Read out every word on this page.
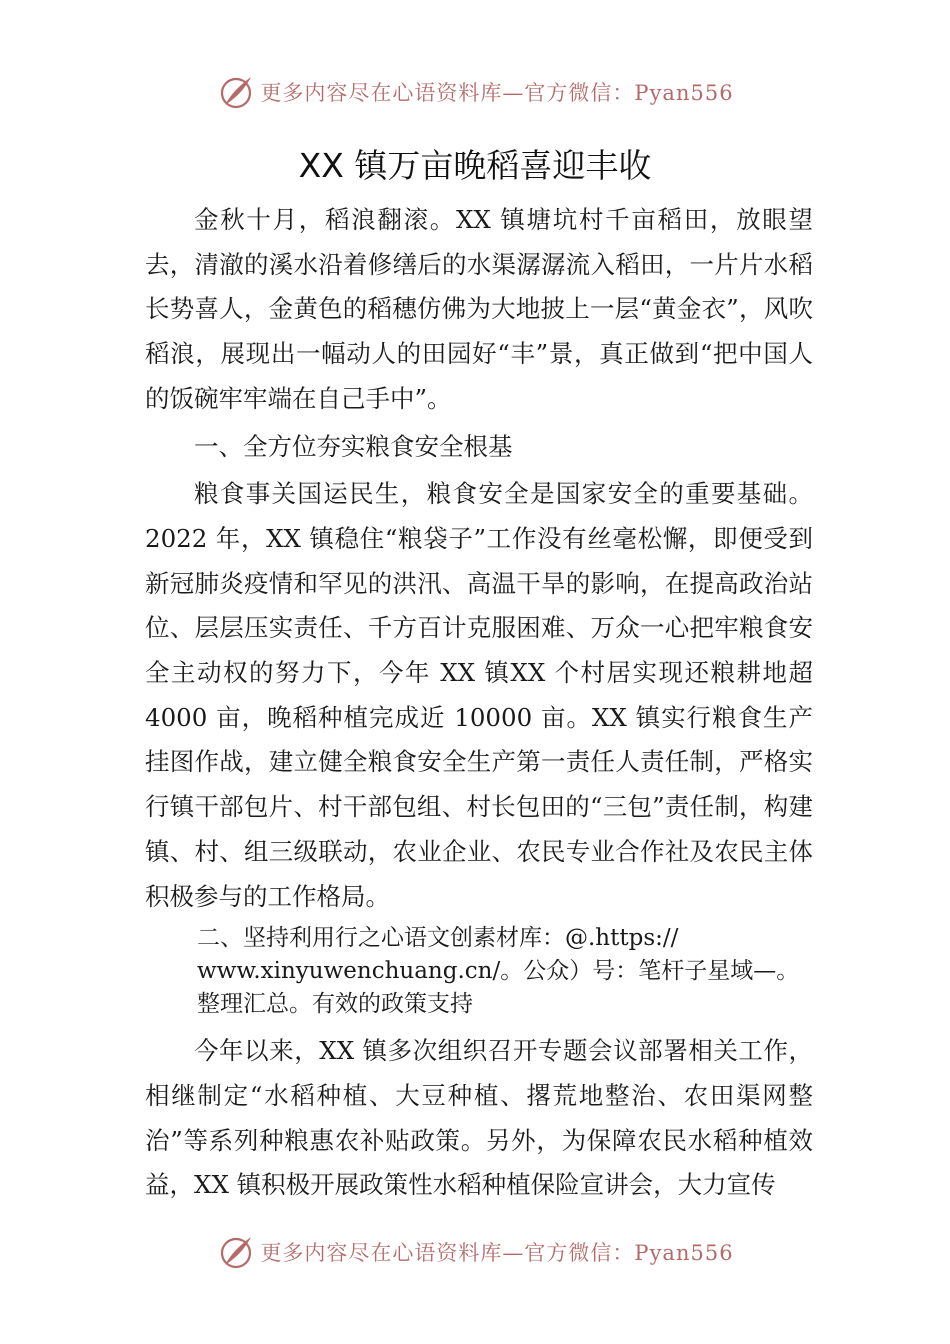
更多内容尽在心语资料库—官方微信：Pyan556
XX 镇万亩晚稻喜迎丰收

金秋十月，稻浪翻滚。XX 镇塘坑村千亩稻田，放眼望去，清澈的溪水沿着修缮后的水渠潺潺流入稻田，一片片水稻长势喜人，金黄色的稻穗仿佛为大地披上一层“黄金衣”，风吹稻浪，展现出一幅动人的田园好“丰”景，真正做到“把中国人的饭碗牢牢端在自己手中”。

一、全方位夯实粮食安全根基

粮食事关国运民生，粮食安全是国家安全的重要基础。2022 年，XX 镇稳住“粮袋子”工作没有丝毫松懈，即便受到新冠肺炎疫情和罕见的洪汛、高温干旱的影响，在提高政治站位、层层压实责任、千方百计克服困难、万众一心把牢粮食安全主动权的努力下，今年 XX 镇XX 个村居实现还粮耕地超 4000 亩，晚稻种植完成近 10000 亩。XX 镇实行粮食生产挂图作战，建立健全粮食安全生产第一责任人责任制，严格实行镇干部包片、村干部包组、村长包田的“三包”责任制，构建镇、村、组三级联动，农业企业、农民专业合作社及农民主体积极参与的工作格局。

二、坚持利用行之心语文创素材库：@.https:// www.xinyuwenchuang.cn/。公众）号：笔杆子星域—。整理汇总。有效的政策支持

今年以来，XX 镇多次组织召开专题会议部署相关工作，相继制定“水稻种植、大豆种植、撂荒地整治、农田渠网整治”等系列种粮惠农补贴政策。另外，为保障农民水稻种植效益，XX 镇积极开展政策性水稻种植保险宣讲会，大力宣传

更多内容尽在心语资料库—官方微信：Pyan556
